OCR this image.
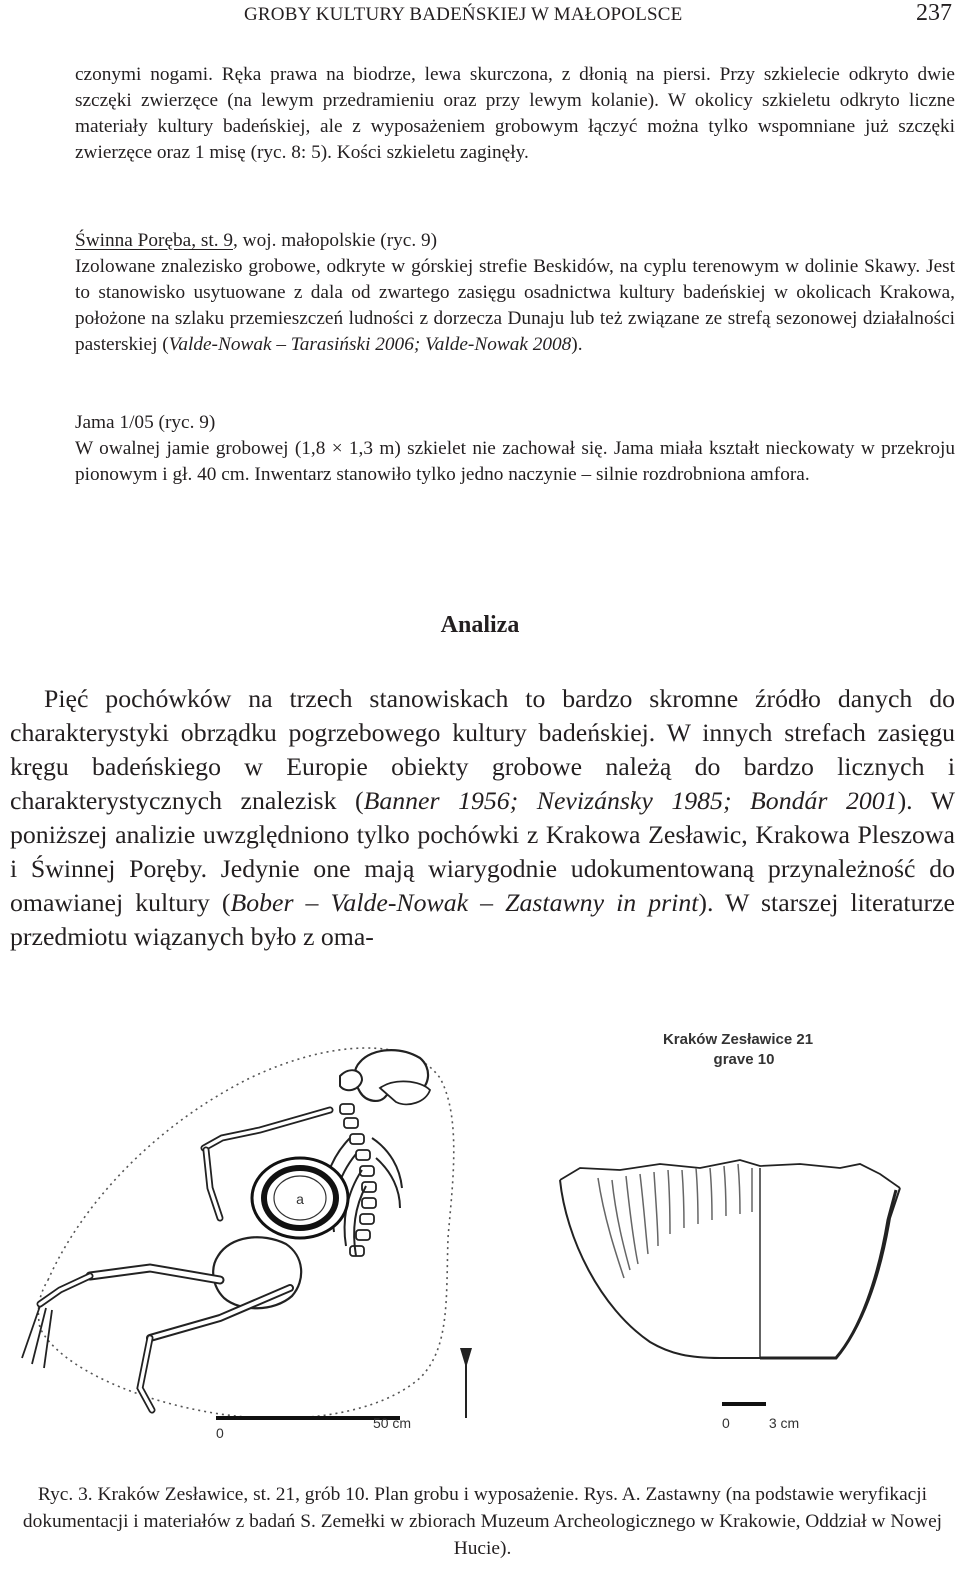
GROBY KULTURY BADEŃSKIEJ W MAŁOPOLSCE	237

czonymi nogami. Ręka prawa na biodrze, lewa skurczona, z dłonią na piersi. Przy szkielecie odkryto dwie szczęki zwierzęce (na lewym przedramieniu oraz przy lewym kolanie). W okolicy szkieletu odkryto liczne materiały kultury badeńskiej, ale z wyposażeniem grobowym łączyć można tylko wspomniane już szczęki zwierzęce oraz 1 misę (ryc. 8: 5). Kości szkieletu zaginęły.

Świnna Poręba, st. 9, woj. małopolskie (ryc. 9)

Izolowane znalezisko grobowe, odkryte w górskiej strefie Beskidów, na cyplu terenowym w dolinie Skawy. Jest to stanowisko usytuowane z dala od zwartego zasięgu osadnictwa kultury badeńskiej w okolicach Krakowa, położone na szlaku przemieszczeń ludności z dorzecza Dunaju lub też związane ze strefą sezonowej działalności pasterskiej (Valde-Nowak – Tarasiński 2006; Valde-Nowak 2008).

Jama 1/05 (ryc. 9)

W owalnej jamie grobowej (1,8 × 1,3 m) szkielet nie zachował się. Jama miała kształt nieckowaty w przekroju pionowym i gł. 40 cm. Inwentarz stanowiło tylko jedno naczynie – silnie rozdrobniona amfora.

Analiza

Pięć pochówków na trzech stanowiskach to bardzo skromne źródło danych do charakterystyki obrządku pogrzebowego kultury badeńskiej. W innych strefach zasięgu kręgu badeńskiego w Europie obiekty grobowe należą do bardzo licznych i charakterystycznych znalezisk (Banner 1956; Nevizánsky 1985; Bondár 2001). W poniższej analizie uwzględniono tylko pochówki z Krakowa Zesławic, Krakowa Pleszowa i Świnnej Poręby. Jedynie one mają wiarygodnie udokumentowaną przynależność do omawianej kultury (Bober – Valde-Nowak – Zastawny in print). W starszej literaturze przedmiotu wiązanych było z oma-

a
0
50 cm
Kraków Zesławice 21
grave 10
0	3 cm
Ryc. 3. Kraków Zesławice, st. 21, grób 10. Plan grobu i wyposażenie. Rys. A. Zastawny (na podstawie weryfikacji dokumentacji i materiałów z badań S. Zemełki w zbiorach Muzeum Archeologicznego w Krakowie, Oddział w Nowej Hucie).
